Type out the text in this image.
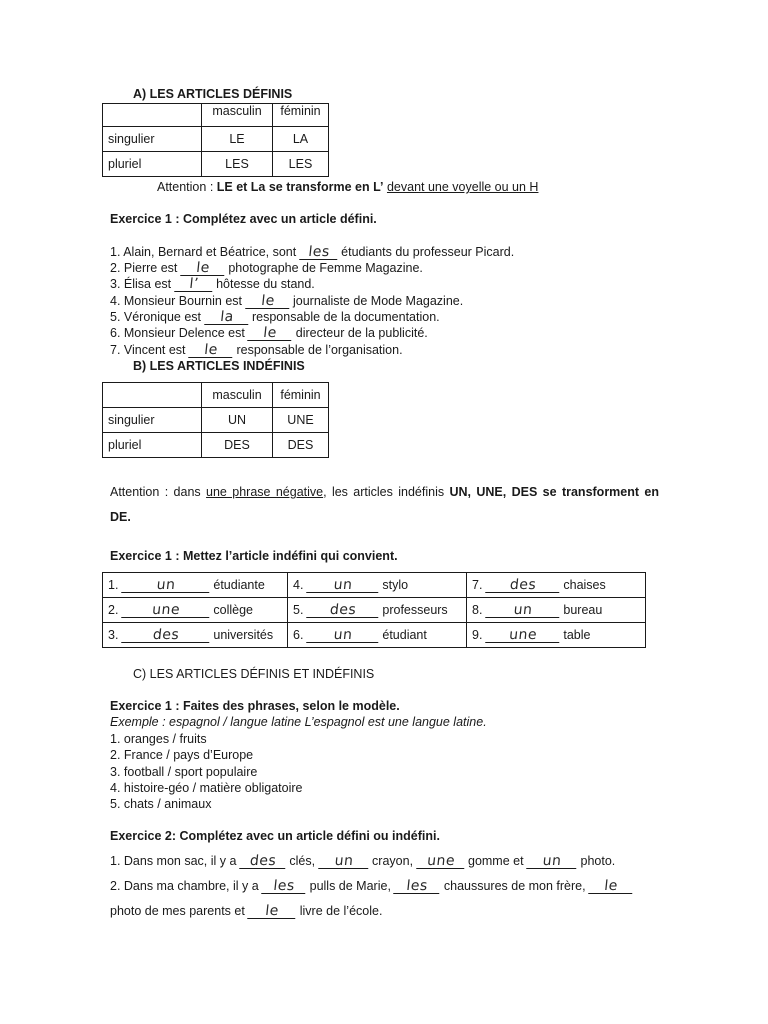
A) LES ARTICLES DÉFINIS
	masculin	féminin
singulier	LE	LA
pluriel	LES	LES
Attention : LE et La se transforme en L’ devant une voyelle ou un H
Exercice 1 : Complétez avec un article défini.
1. Alain, Bernard et Béatrice, sont les étudiants du professeur Picard.
2. Pierre est le photographe de Femme Magazine.
3. Élisa est l’ hôtesse du stand.
4. Monsieur Bournin est le journaliste de Mode Magazine.
5. Véronique est la responsable de la documentation.
6. Monsieur Delence est le directeur de la publicité.
7. Vincent est le responsable de l’organisation.
B) LES ARTICLES INDÉFINIS
	masculin	féminin
singulier	UN	UNE
pluriel	DES	DES
Attention : dans une phrase négative, les articles indéfinis UN, UNE, DES se transforment en
DE.
Exercice 1 : Mettez l’article indéfini qui convient.
1. un étudiante	4. un stylo	7. des chaises
2. une collège	5. des professeurs	8. un bureau
3. des universités	6. un étudiant	9. une table
C) LES ARTICLES DÉFINIS ET INDÉFINIS
Exercice 1 : Faites des phrases, selon le modèle.
Exemple : espagnol / langue latine L’espagnol est une langue latine.
1. oranges / fruits
2. France / pays d’Europe
3. football / sport populaire
4. histoire-géo / matière obligatoire
5. chats / animaux
Exercice 2: Complétez avec un article défini ou indéfini.
1. Dans mon sac, il y a des clés, un crayon, une gomme et un photo.
2. Dans ma chambre, il y a les pulls de Marie, les chaussures de mon frère, le
photo de mes parents et le livre de l’école.
